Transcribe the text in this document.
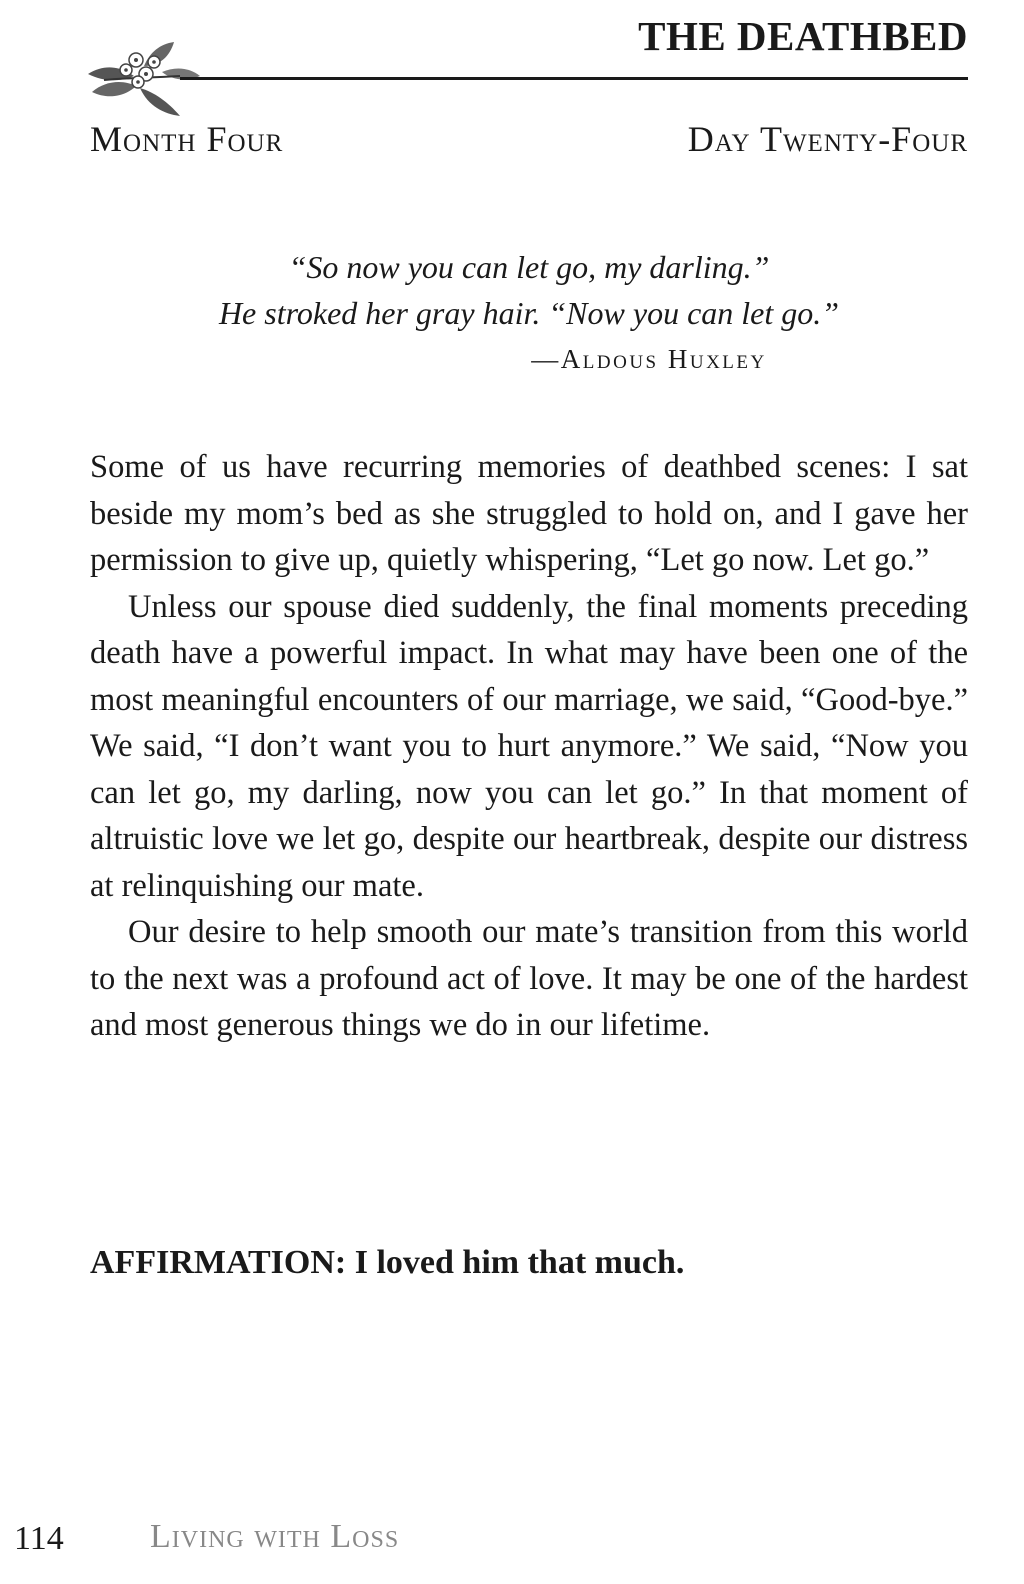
THE DEATHBED
Month Four	Day Twenty-Four
“So now you can let go, my darling.”
He stroked her gray hair. “Now you can let go.”
—Aldous Huxley

Some of us have recurring memories of deathbed scenes: I sat beside my mom’s bed as she struggled to hold on, and I gave her permission to give up, quietly whispering, “Let go now. Let go.”

Unless our spouse died suddenly, the final moments preceding death have a powerful impact. In what may have been one of the most meaningful encounters of our marriage, we said, “Good-bye.” We said, “I don’t want you to hurt anymore.” We said, “Now you can let go, my darling, now you can let go.” In that moment of altruistic love we let go, despite our heartbreak, despite our distress at relinquishing our mate.

Our desire to help smooth our mate’s transition from this world to the next was a profound act of love. It may be one of the hardest and most generous things we do in our lifetime.

AFFIRMATION: I loved him that much.

114	Living with Loss
